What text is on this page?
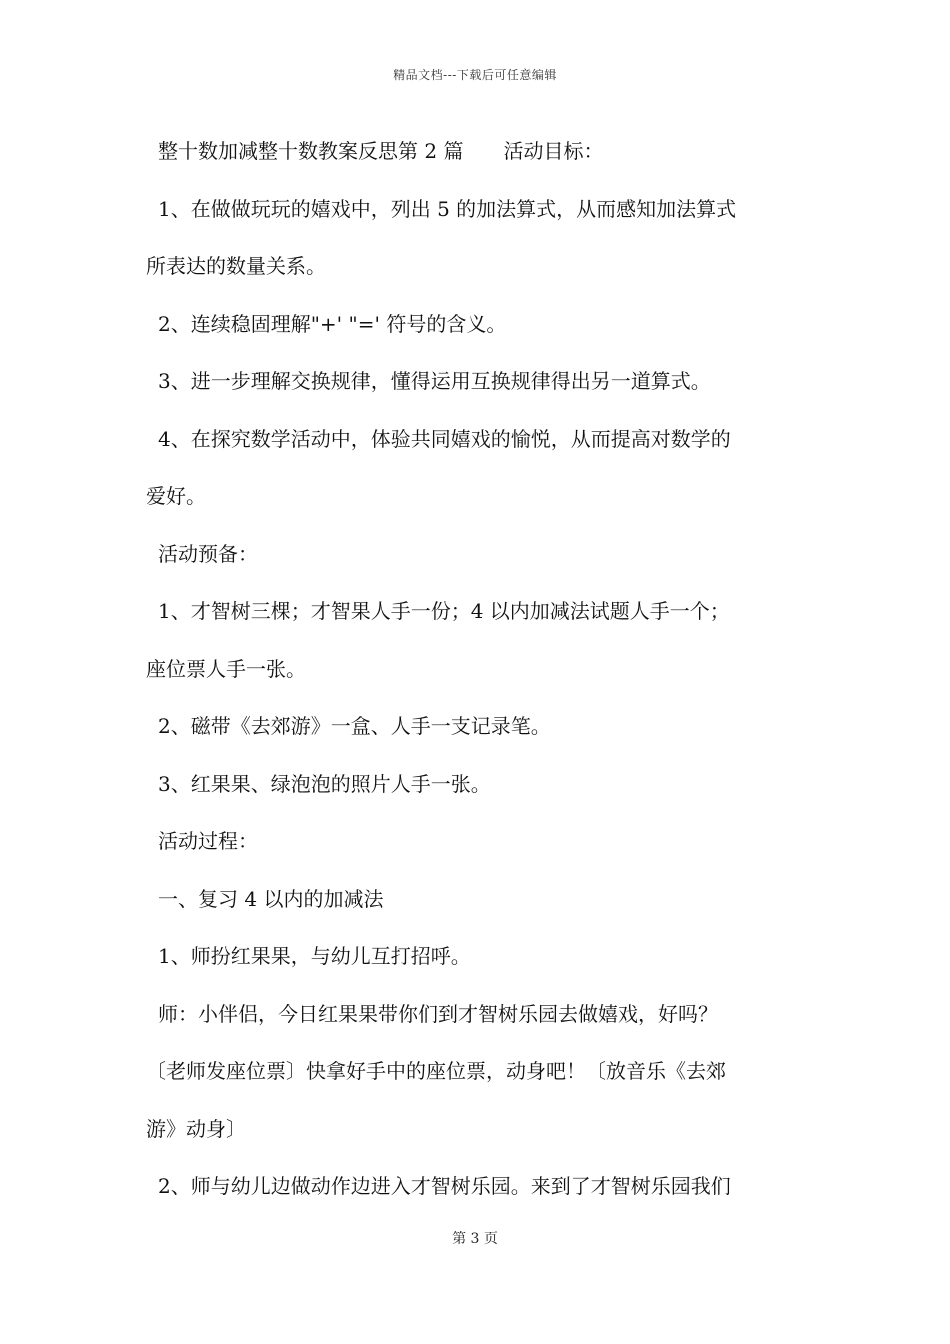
精品文档---下载后可任意编辑
整十数加减整十数教案反思第 2 篇　　活动目标：
1、在做做玩玩的嬉戏中，列出 5 的加法算式，从而感知加法算式
所表达的数量关系。
2、连续稳固理解"+' "=' 符号的含义。
3、进一步理解交换规律，懂得运用互换规律得出另一道算式。
4、在探究数学活动中，体验共同嬉戏的愉悦，从而提高对数学的
爱好。
活动预备：
1、才智树三棵；才智果人手一份；4 以内加减法试题人手一个；
座位票人手一张。
2、磁带《去郊游》一盒、人手一支记录笔。
3、红果果、绿泡泡的照片人手一张。
活动过程：
一、复习 4 以内的加减法
1、师扮红果果，与幼儿互打招呼。
师：小伴侣，今日红果果带你们到才智树乐园去做嬉戏，好吗？
〔老师发座位票〕快拿好手中的座位票，动身吧！〔放音乐《去郊
游》动身〕
2、师与幼儿边做动作边进入才智树乐园。来到了才智树乐园我们
第 3 页
